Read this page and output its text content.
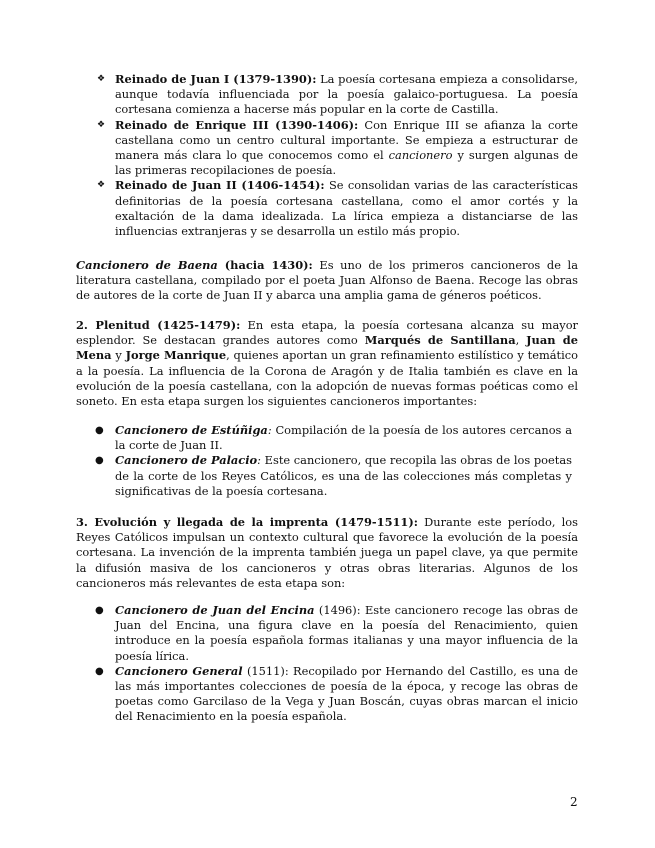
❖ Reinado de Juan I (1379-1390): La poesía cortesana empieza a consolidarse, aunque todavía influenciada por la poesía galaico-portuguesa. La poesía cortesana comienza a hacerse más popular en la corte de Castilla.
❖ Reinado de Enrique III (1390-1406): Con Enrique III se afianza la corte castellana como un centro cultural importante. Se empieza a estructurar de manera más clara lo que conocemos como el cancionero y surgen algunas de las primeras recopilaciones de poesía.
❖ Reinado de Juan II (1406-1454): Se consolidan varias de las características definitorias de la poesía cortesana castellana, como el amor cortés y la exaltación de la dama idealizada. La lírica empieza a distanciarse de las influencias extranjeras y se desarrolla un estilo más propio.
Cancionero de Baena (hacia 1430): Es uno de los primeros cancioneros de la literatura castellana, compilado por el poeta Juan Alfonso de Baena. Recoge las obras de autores de la corte de Juan II y abarca una amplia gama de géneros poéticos.
2. Plenitud (1425-1479): En esta etapa, la poesía cortesana alcanza su mayor esplendor. Se destacan grandes autores como Marqués de Santillana, Juan de Mena y Jorge Manrique, quienes aportan un gran refinamiento estilístico y temático a la poesía. La influencia de la Corona de Aragón y de Italia también es clave en la evolución de la poesía castellana, con la adopción de nuevas formas poéticas como el soneto. En esta etapa surgen los siguientes cancioneros importantes:
● Cancionero de Estúñiga: Compilación de la poesía de los autores cercanos a la corte de Juan II.
● Cancionero de Palacio: Este cancionero, que recopila las obras de los poetas de la corte de los Reyes Católicos, es una de las colecciones más completas y significativas de la poesía cortesana.
3. Evolución y llegada de la imprenta (1479-1511): Durante este período, los Reyes Católicos impulsan un contexto cultural que favorece la evolución de la poesía cortesana. La invención de la imprenta también juega un papel clave, ya que permite la difusión masiva de los cancioneros y otras obras literarias. Algunos de los cancioneros más relevantes de esta etapa son:
● Cancionero de Juan del Encina (1496): Este cancionero recoge las obras de Juan del Encina, una figura clave en la poesía del Renacimiento, quien introduce en la poesía española formas italianas y una mayor influencia de la poesía lírica.
● Cancionero General (1511): Recopilado por Hernando del Castillo, es una de las más importantes colecciones de poesía de la época, y recoge las obras de poetas como Garcilaso de la Vega y Juan Boscán, cuyas obras marcan el inicio del Renacimiento en la poesía española.
2
